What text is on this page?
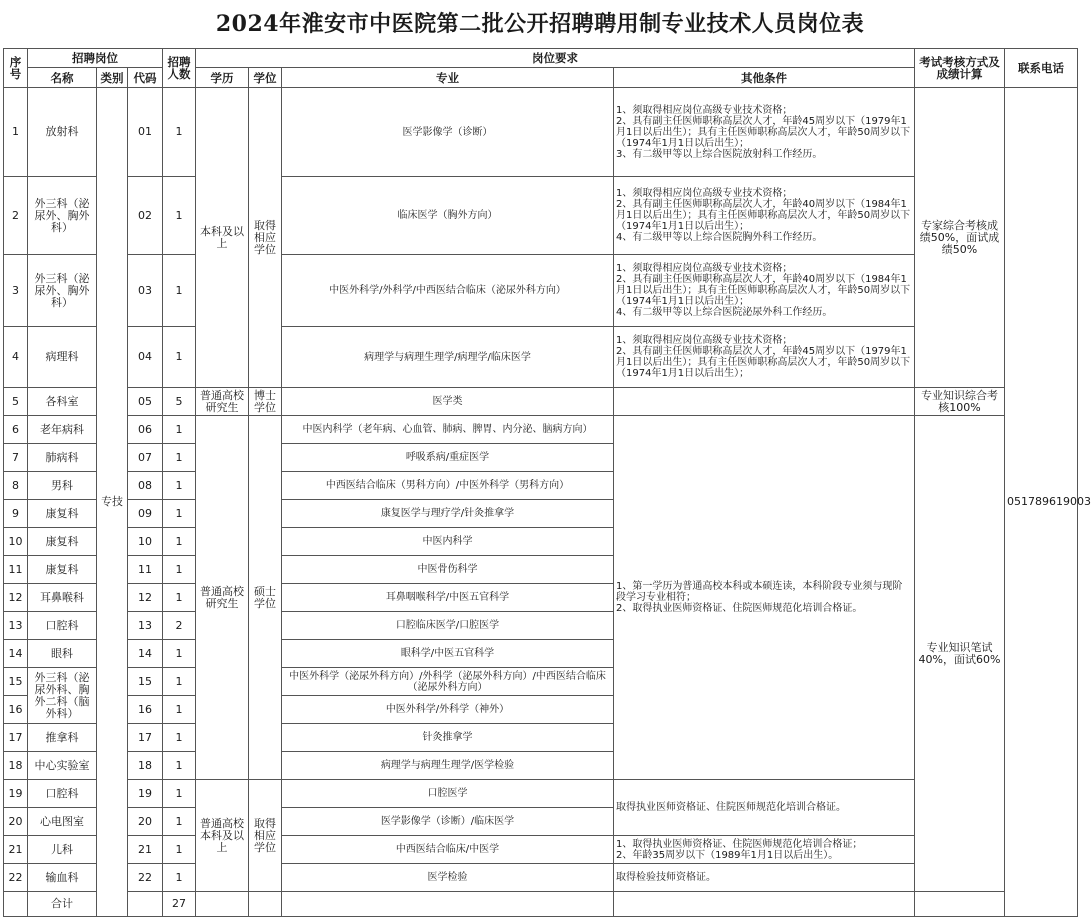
2024年淮安市中医院第二批公开招聘聘用制专业技术人员岗位表
序号	招聘岗位			招聘人数	岗位要求				考试考核方式及成绩计算	联系电话
	名称	类别	代码		学历	学位	专业	其他条件		
1	放射科	专技	01	1	本科及以上	取得相应学位	医学影像学（诊断）	1、须取得相应岗位高级专业技术资格；
2、具有副主任医师职称高层次人才，年龄45周岁以下（1979年1月1日以后出生）；具有主任医师职称高层次人才，年龄50周岁以下（1974年1月1日以后出生）；
3、有二级甲等以上综合医院放射科工作经历。	专家综合考核成绩50%，面试成绩50%	051789619003
2	外三科（泌尿外、胸外科）		02	1			临床医学（胸外方向）	1、须取得相应岗位高级专业技术资格；
2、具有副主任医师职称高层次人才，年龄40周岁以下（1984年1月1日以后出生）；具有主任医师职称高层次人才，年龄50周岁以下（1974年1月1日以后出生）；
4、有二级甲等以上综合医院胸外科工作经历。		
3	外三科（泌尿外、胸外科）		03	1			中医外科学/外科学/中西医结合临床（泌尿外科方向）	1、须取得相应岗位高级专业技术资格；
2、具有副主任医师职称高层次人才，年龄40周岁以下（1984年1月1日以后出生）；具有主任医师职称高层次人才，年龄50周岁以下（1974年1月1日以后出生）；
4、有二级甲等以上综合医院泌尿外科工作经历。		
4	病理科		04	1			病理学与病理生理学/病理学/临床医学	1、须取得相应岗位高级专业技术资格；
2、具有副主任医师职称高层次人才，年龄45周岁以下（1979年1月1日以后出生）；具有主任医师职称高层次人才，年龄50周岁以下（1974年1月1日以后出生）；		
5	各科室		05	5	普通高校研究生	博士学位	医学类		专业知识综合考核100%	
6	老年病科		06	1	普通高校研究生	硕士学位	中医内科学（老年病、心血管、肺病、脾胃、内分泌、脑病方向）	1、第一学历为普通高校本科或本硕连读，本科阶段专业须与现阶段学习专业相符；
2、取得执业医师资格证、住院医师规范化培训合格证。	专业知识笔试40%，面试60%	
7	肺病科		07	1			呼吸系病/重症医学			
8	男科		08	1			中西医结合临床（男科方向）/中医外科学（男科方向）			
9	康复科		09	1			康复医学与理疗学/针灸推拿学			
10	康复科		10	1			中医内科学			
11	康复科		11	1			中医骨伤科学			
12	耳鼻喉科		12	1			耳鼻咽喉科学/中医五官科学			
13	口腔科		13	2			口腔临床医学/口腔医学			
14	眼科		14	1			眼科学/中医五官科学			
15	外三科（泌尿外科、胸外二科（脑外科）		15	1			中医外科学（泌尿外科方向）/外科学（泌尿外科方向）/中西医结合临床（泌尿外科方向）			
16			16	1			中医外科学/外科学（神外）			
17	推拿科		17	1			针灸推拿学			
18	中心实验室		18	1			病理学与病理生理学/医学检验			
19	口腔科		19	1	普通高校本科及以上	取得相应学位	口腔医学	取得执业医师资格证、住院医师规范化培训合格证。		
20	心电图室		20	1			医学影像学（诊断）/临床医学			
21	儿科		21	1			中西医结合临床/中医学	1、取得执业医师资格证、住院医师规范化培训合格证；
2、年龄35周岁以下（1989年1月1日以后出生）。		
22	输血科		22	1			医学检验	取得检验技师资格证。		
	合计			27						
